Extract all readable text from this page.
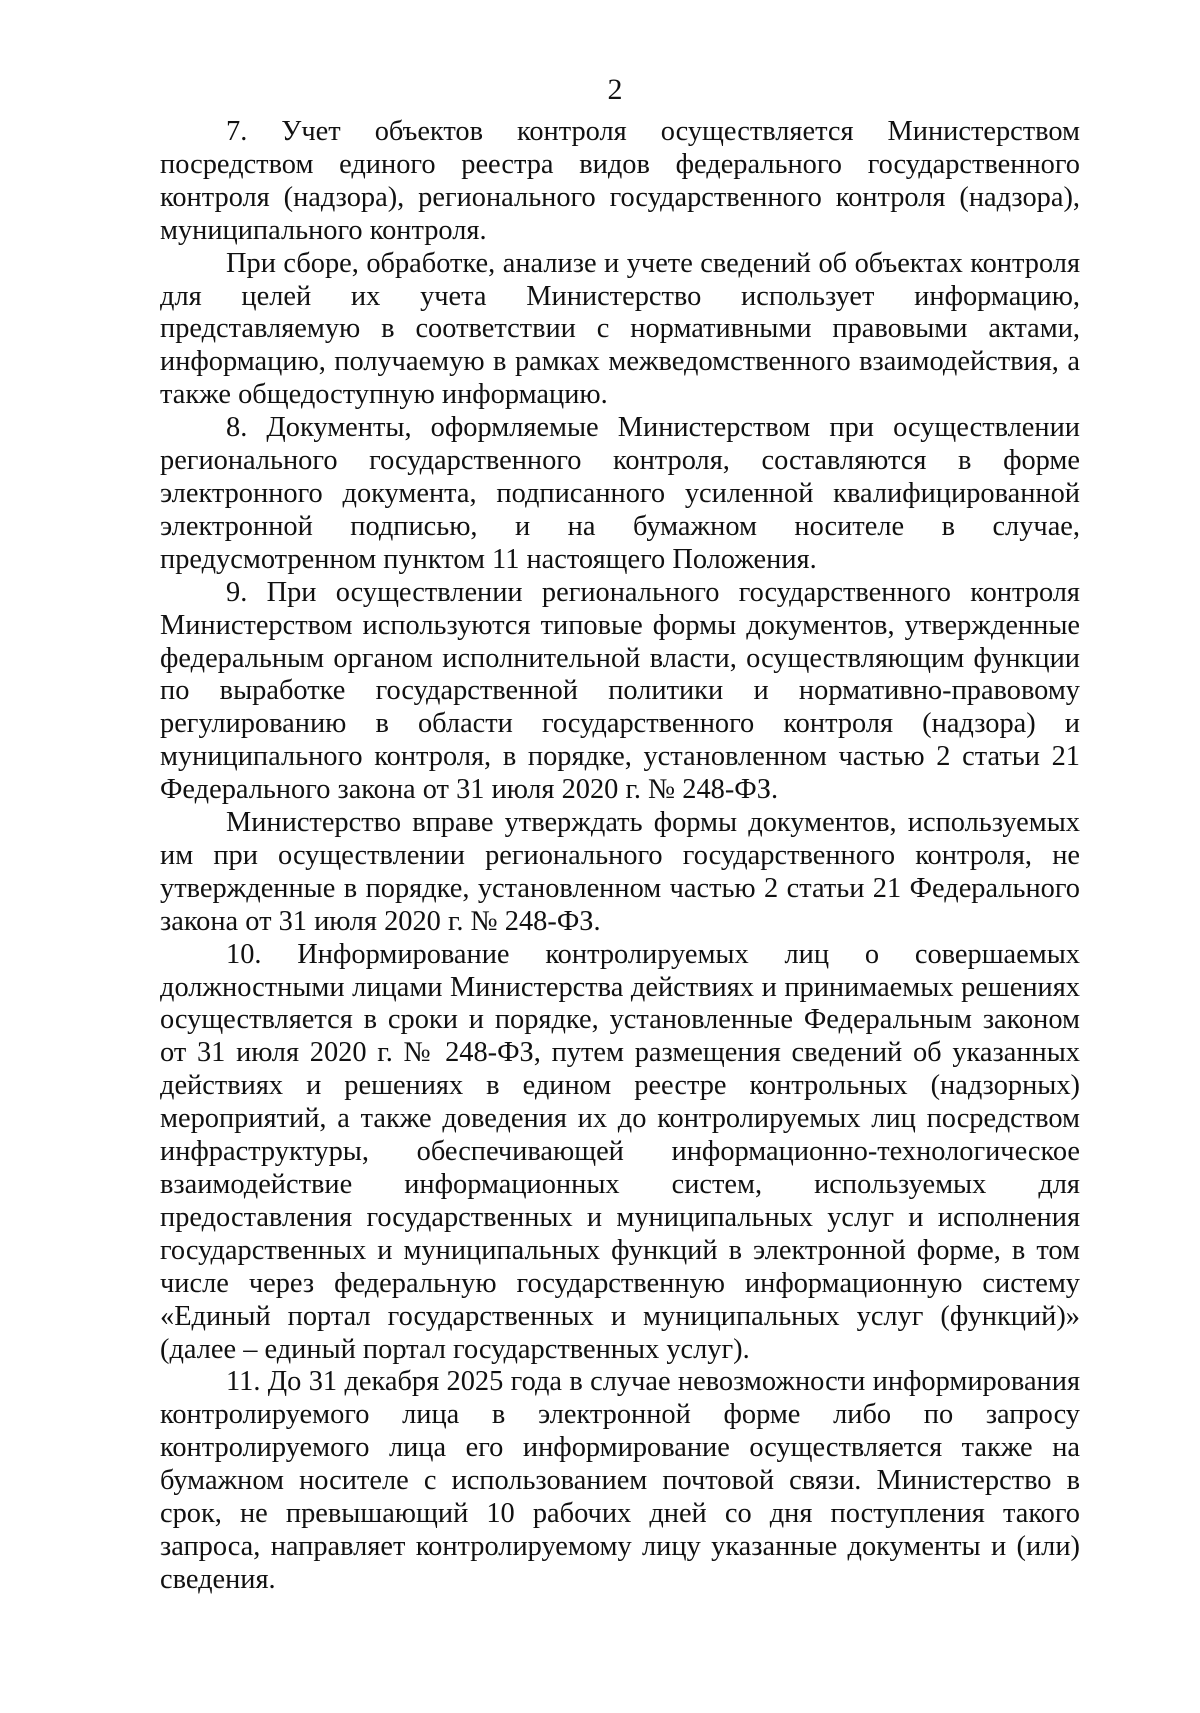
2

7. Учет объектов контроля осуществляется Министерством посредством единого реестра видов федерального государственного контроля (надзора), регионального государственного контроля (надзора), муниципального контроля.

При сборе, обработке, анализе и учете сведений об объектах контроля для целей их учета Министерство использует информацию, представляемую в соответствии с нормативными правовыми актами, информацию, получаемую в рамках межведомственного взаимодействия, а также общедоступную информацию.

8. Документы, оформляемые Министерством при осуществлении регионального государственного контроля, составляются в форме электронного документа, подписанного усиленной квалифицированной электронной подписью, и на бумажном носителе в случае, предусмотренном пунктом 11 настоящего Положения.

9. При осуществлении регионального государственного контроля Министерством используются типовые формы документов, утвержденные федеральным органом исполнительной власти, осуществляющим функции по выработке государственной политики и нормативно-правовому регулированию в области государственного контроля (надзора) и муниципального контроля, в порядке, установленном частью 2 статьи 21 Федерального закона от 31 июля 2020 г. № 248-ФЗ.

Министерство вправе утверждать формы документов, используемых им при осуществлении регионального государственного контроля, не утвержденные в порядке, установленном частью 2 статьи 21 Федерального закона от 31 июля 2020 г. № 248-ФЗ.

10. Информирование контролируемых лиц о совершаемых должностными лицами Министерства действиях и принимаемых решениях осуществляется в сроки и порядке, установленные Федеральным законом от 31 июля 2020 г. № 248-ФЗ, путем размещения сведений об указанных действиях и решениях в едином реестре контрольных (надзорных) мероприятий, а также доведения их до контролируемых лиц посредством инфраструктуры, обеспечивающей информационно-технологическое взаимодействие информационных систем, используемых для предоставления государственных и муниципальных услуг и исполнения государственных и муниципальных функций в электронной форме, в том числе через федеральную государственную информационную систему «Единый портал государственных и муниципальных услуг (функций)» (далее – единый портал государственных услуг).

11. До 31 декабря 2025 года в случае невозможности информирования контролируемого лица в электронной форме либо по запросу контролируемого лица его информирование осуществляется также на бумажном носителе с использованием почтовой связи. Министерство в срок, не превышающий 10 рабочих дней со дня поступления такого запроса, направляет контролируемому лицу указанные документы и (или) сведения.
